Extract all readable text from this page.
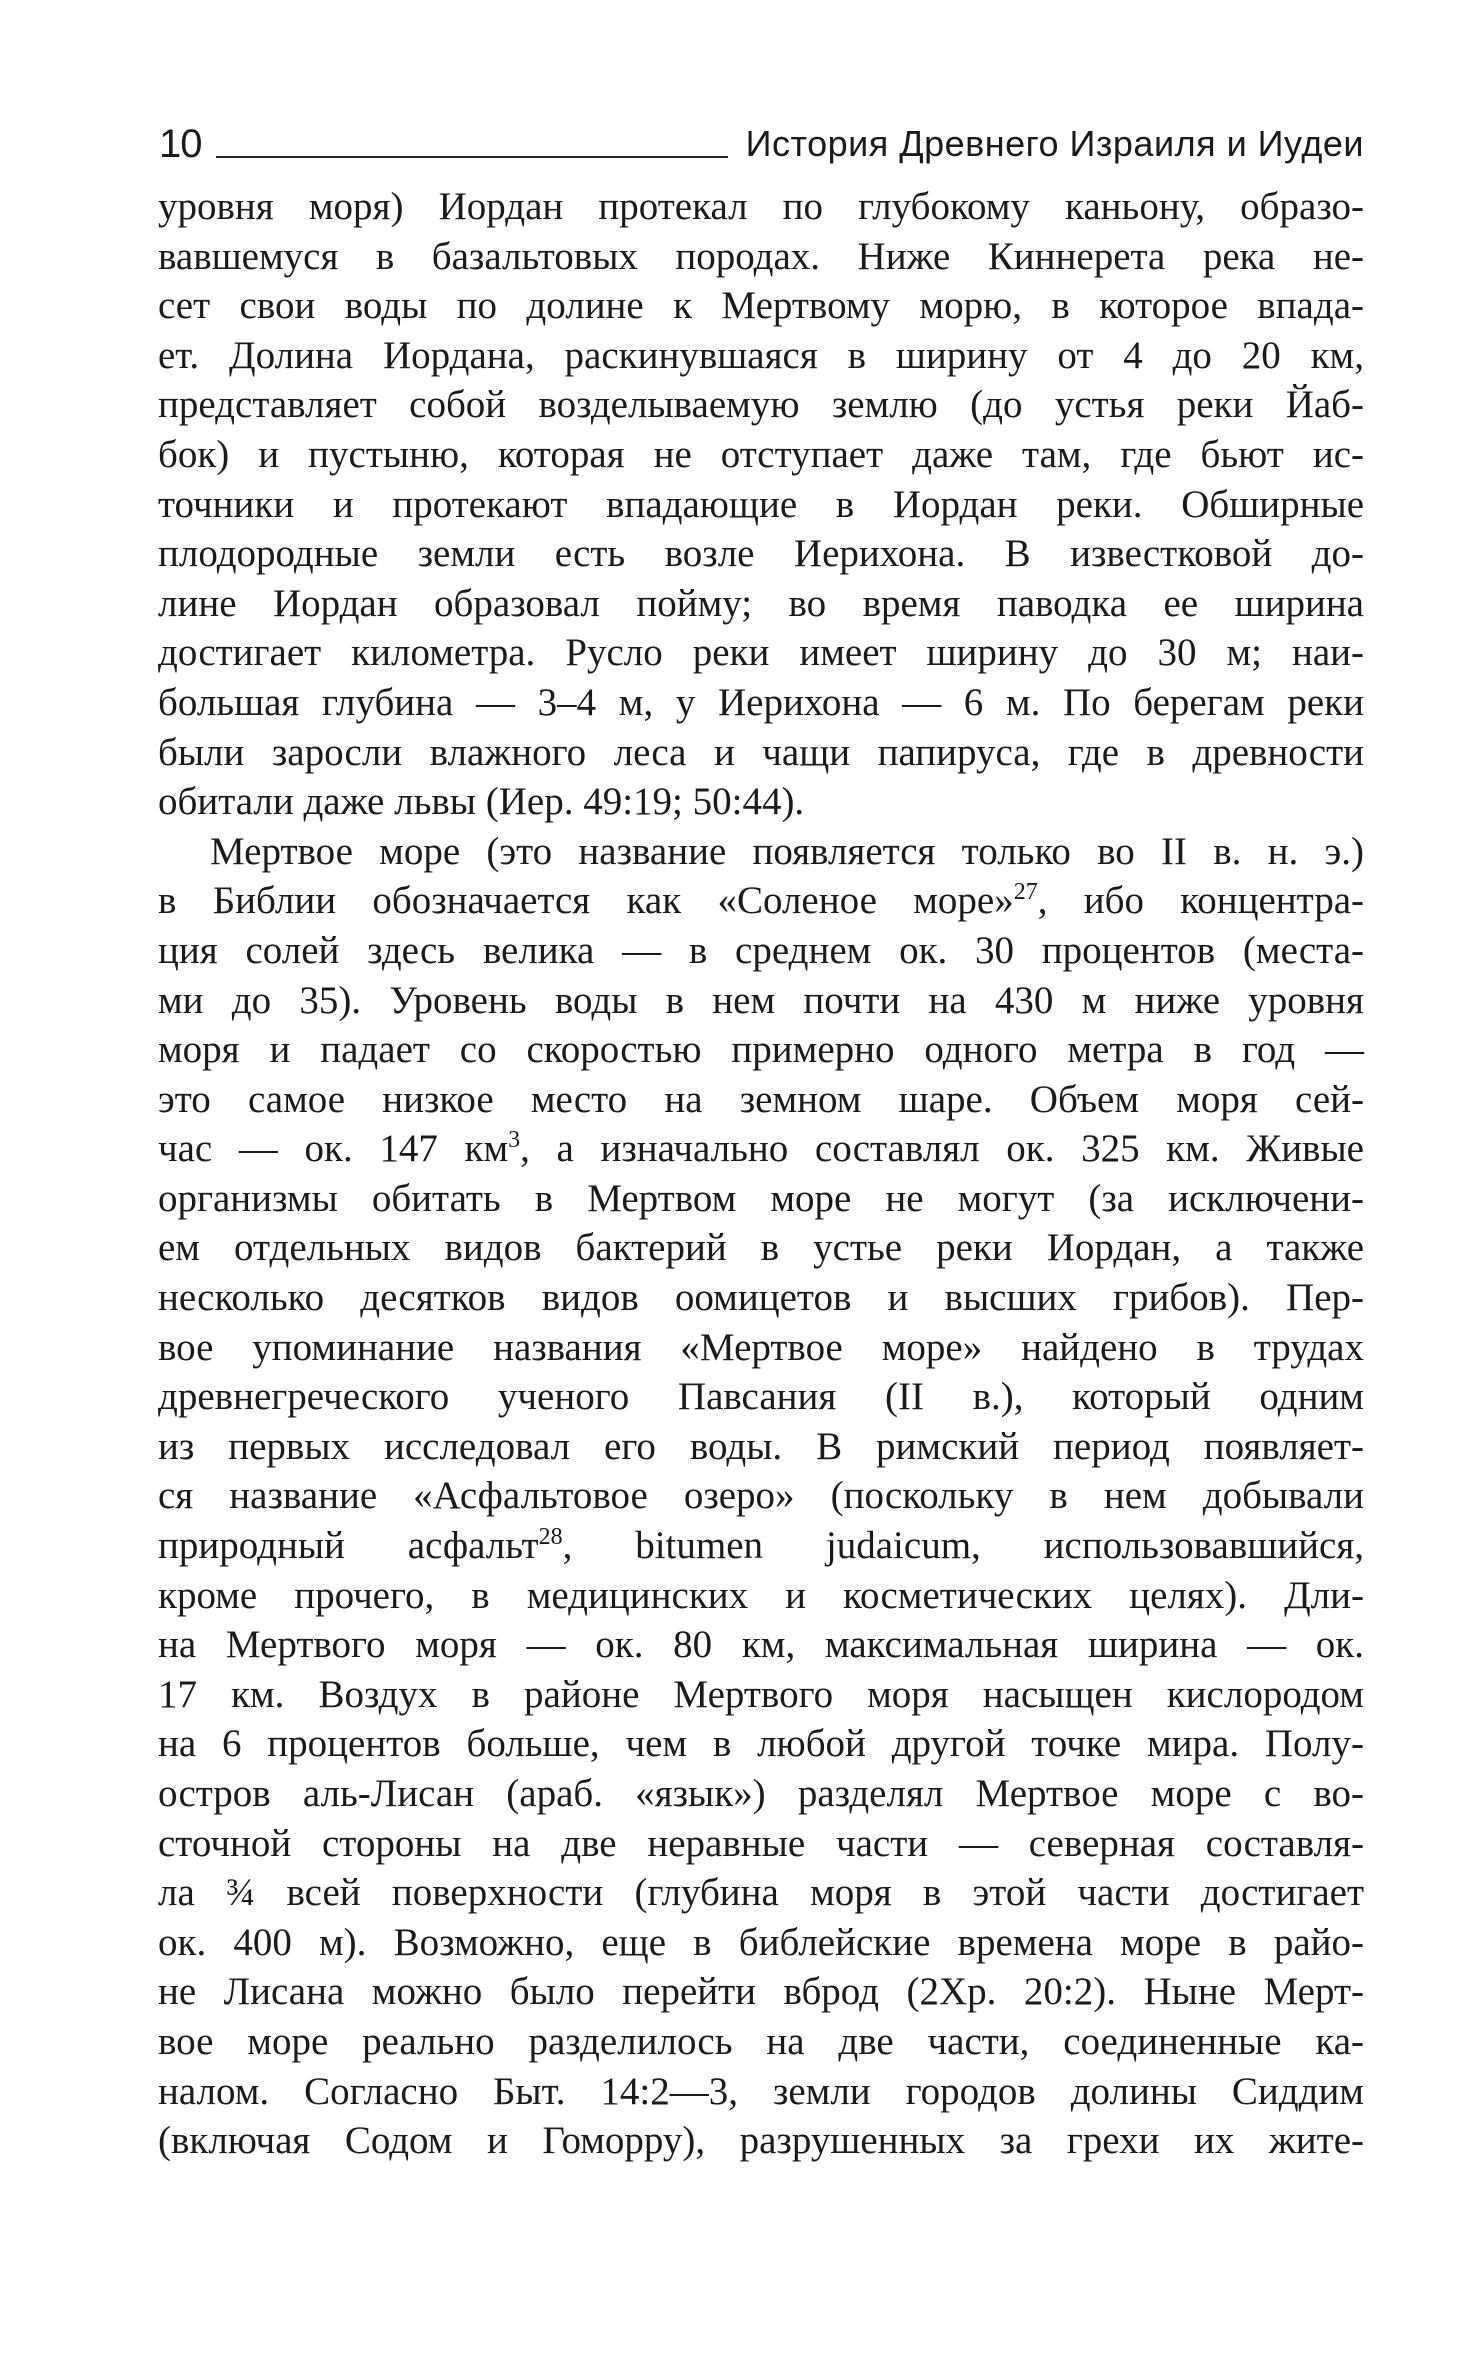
10	История Древнего Израиля и Иудеи
уровня моря) Иордан протекал по глубокому каньону, образо-
вавшемуся в базальтовых породах. Ниже Киннерета река не-
сет свои воды по долине к Мертвому морю, в которое впада-
ет. Долина Иордана, раскинувшаяся в ширину от 4 до 20 км,
представляет собой возделываемую землю (до устья реки Йаб-
бок) и пустыню, которая не отступает даже там, где бьют ис-
точники и протекают впадающие в Иордан реки. Обширные
плодородные земли есть возле Иерихона. В известковой до-
лине Иордан образовал пойму; во время паводка ее ширина
достигает километра. Русло реки имеет ширину до 30 м; наи-
большая глубина — 3–4 м, у Иерихона — 6 м. По берегам реки
были заросли влажного леса и чащи папируса, где в древности
обитали даже львы (Иер. 49:19; 50:44).
Мертвое море (это название появляется только во II в. н. э.)
в Библии обозначается как «Соленое море»$^{27}$, ибо концентра-
ция солей здесь велика — в среднем ок. 30 процентов (места-
ми до 35). Уровень воды в нем почти на 430 м ниже уровня
моря и падает со скоростью примерно одного метра в год —
это самое низкое место на земном шаре. Объем моря сей-
час — ок. 147 $км^3$, а изначально составлял ок. 325 км. Живые
организмы обитать в Мертвом море не могут (за исключени-
ем отдельных видов бактерий в устье реки Иордан, а также
несколько десятков видов оомицетов и высших грибов). Пер-
вое упоминание названия «Мертвое море» найдено в трудах
древнегреческого ученого Павсания (II в.), который одним
из первых исследовал его воды. В римский период появляет-
ся название «Асфальтовое озеро» (поскольку в нем добывали
природный асфальт$^{28}$, bitumen judaicum, использовавшийся,
кроме прочего, в медицинских и косметических целях). Дли-
на Мертвого моря — ок. 80 км, максимальная ширина — ок.
17 км. Воздух в районе Мертвого моря насыщен кислородом
на 6 процентов больше, чем в любой другой точке мира. Полу-
остров аль-Лисан (араб. «язык») разделял Мертвое море с во-
сточной стороны на две неравные части — северная составля-
ла ¾ всей поверхности (глубина моря в этой части достигает
ок. 400 м). Возможно, еще в библейские времена море в райо-
не Лисана можно было перейти вброд (2Хр. 20:2). Ныне Мерт-
вое море реально разделилось на две части, соединенные ка-
налом. Согласно Быт. 14:2—3, земли городов долины Сиддим
(включая Содом и Гоморру), разрушенных за грехи их жите-
